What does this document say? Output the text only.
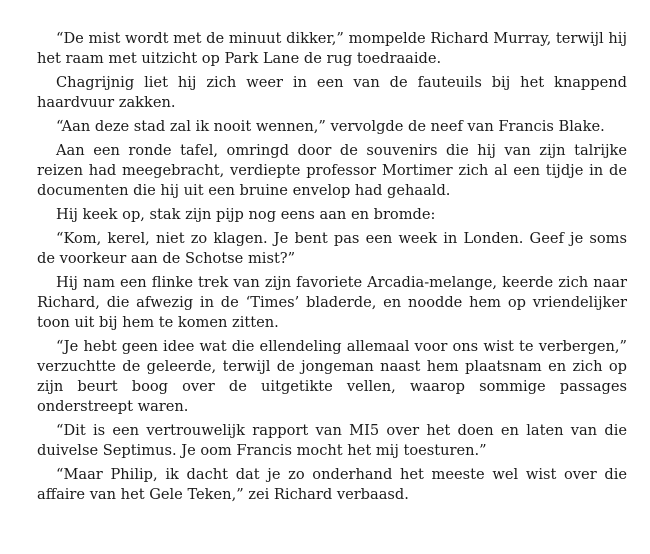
“De mist wordt met de minuut dikker,” mompelde Richard Murray, terwijl hij het raam met uitzicht op Park Lane de rug toedraaide.

Chagrijnig liet hij zich weer in een van de fauteuils bij het knappend haardvuur zakken.

“Aan deze stad zal ik nooit wennen,” vervolgde de neef van Francis Blake.

Aan een ronde tafel, omringd door de souvenirs die hij van zijn talrijke reizen had meegebracht, verdiepte professor Mortimer zich al een tijdje in de documenten die hij uit een bruine envelop had gehaald.

Hij keek op, stak zijn pijp nog eens aan en bromde:

“Kom, kerel, niet zo klagen. Je bent pas een week in Londen. Geef je soms de voorkeur aan de Schotse mist?”

Hij nam een flinke trek van zijn favoriete Arcadia-melange, keerde zich naar Richard, die afwezig in de ‘Times’ bladerde, en noodde hem op vriendelijker toon uit bij hem te komen zitten.

“Je hebt geen idee wat die ellendeling allemaal voor ons wist te verbergen,” verzuchtte de geleerde, terwijl de jongeman naast hem plaatsnam en zich op zijn beurt boog over de uitgetikte vellen, waarop sommige passages onderstreept waren.

“Dit is een vertrouwelijk rapport van MI5 over het doen en laten van die duivelse Septimus. Je oom Francis mocht het mij toesturen.”

“Maar Philip, ik dacht dat je zo onderhand het meeste wel wist over die affaire van het Gele Teken,” zei Richard verbaasd.
